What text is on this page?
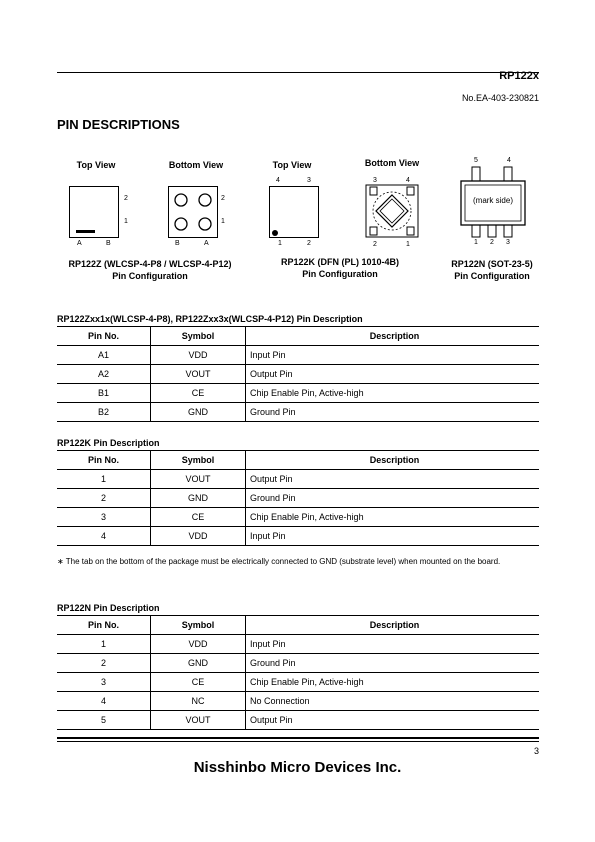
RP122x
No.EA-403-230821
PIN DESCRIPTIONS
Top View	Bottom View
2
1
A	B
2
1
B	A
RP122Z (WLCSP-4-P8 / WLCSP-4-P12)
Pin Configuration
Top View	Bottom View
4	3
1	2
3	4
2	1
RP122K (DFN (PL) 1010-4B)
Pin Configuration
5	4
(mark side)
1 2 3
RP122N (SOT-23-5)
Pin Configuration
RP122Zxx1x(WLCSP-4-P8), RP122Zxx3x(WLCSP-4-P12) Pin Description
Pin No.	Symbol	Description
A1	VDD	Input Pin
A2	VOUT	Output Pin
B1	CE	Chip Enable Pin, Active-high
B2	GND	Ground Pin
RP122K Pin Description
Pin No.	Symbol	Description
1	VOUT	Output Pin
2	GND	Ground Pin
3	CE	Chip Enable Pin, Active-high
4	VDD	Input Pin
∗ The tab on the bottom of the package must be electrically connected to GND (substrate level) when mounted on the board.
RP122N Pin Description
Pin No.	Symbol	Description
1	VDD	Input Pin
2	GND	Ground Pin
3	CE	Chip Enable Pin, Active-high
4	NC	No Connection
5	VOUT	Output Pin
3
Nisshinbo Micro Devices Inc.
